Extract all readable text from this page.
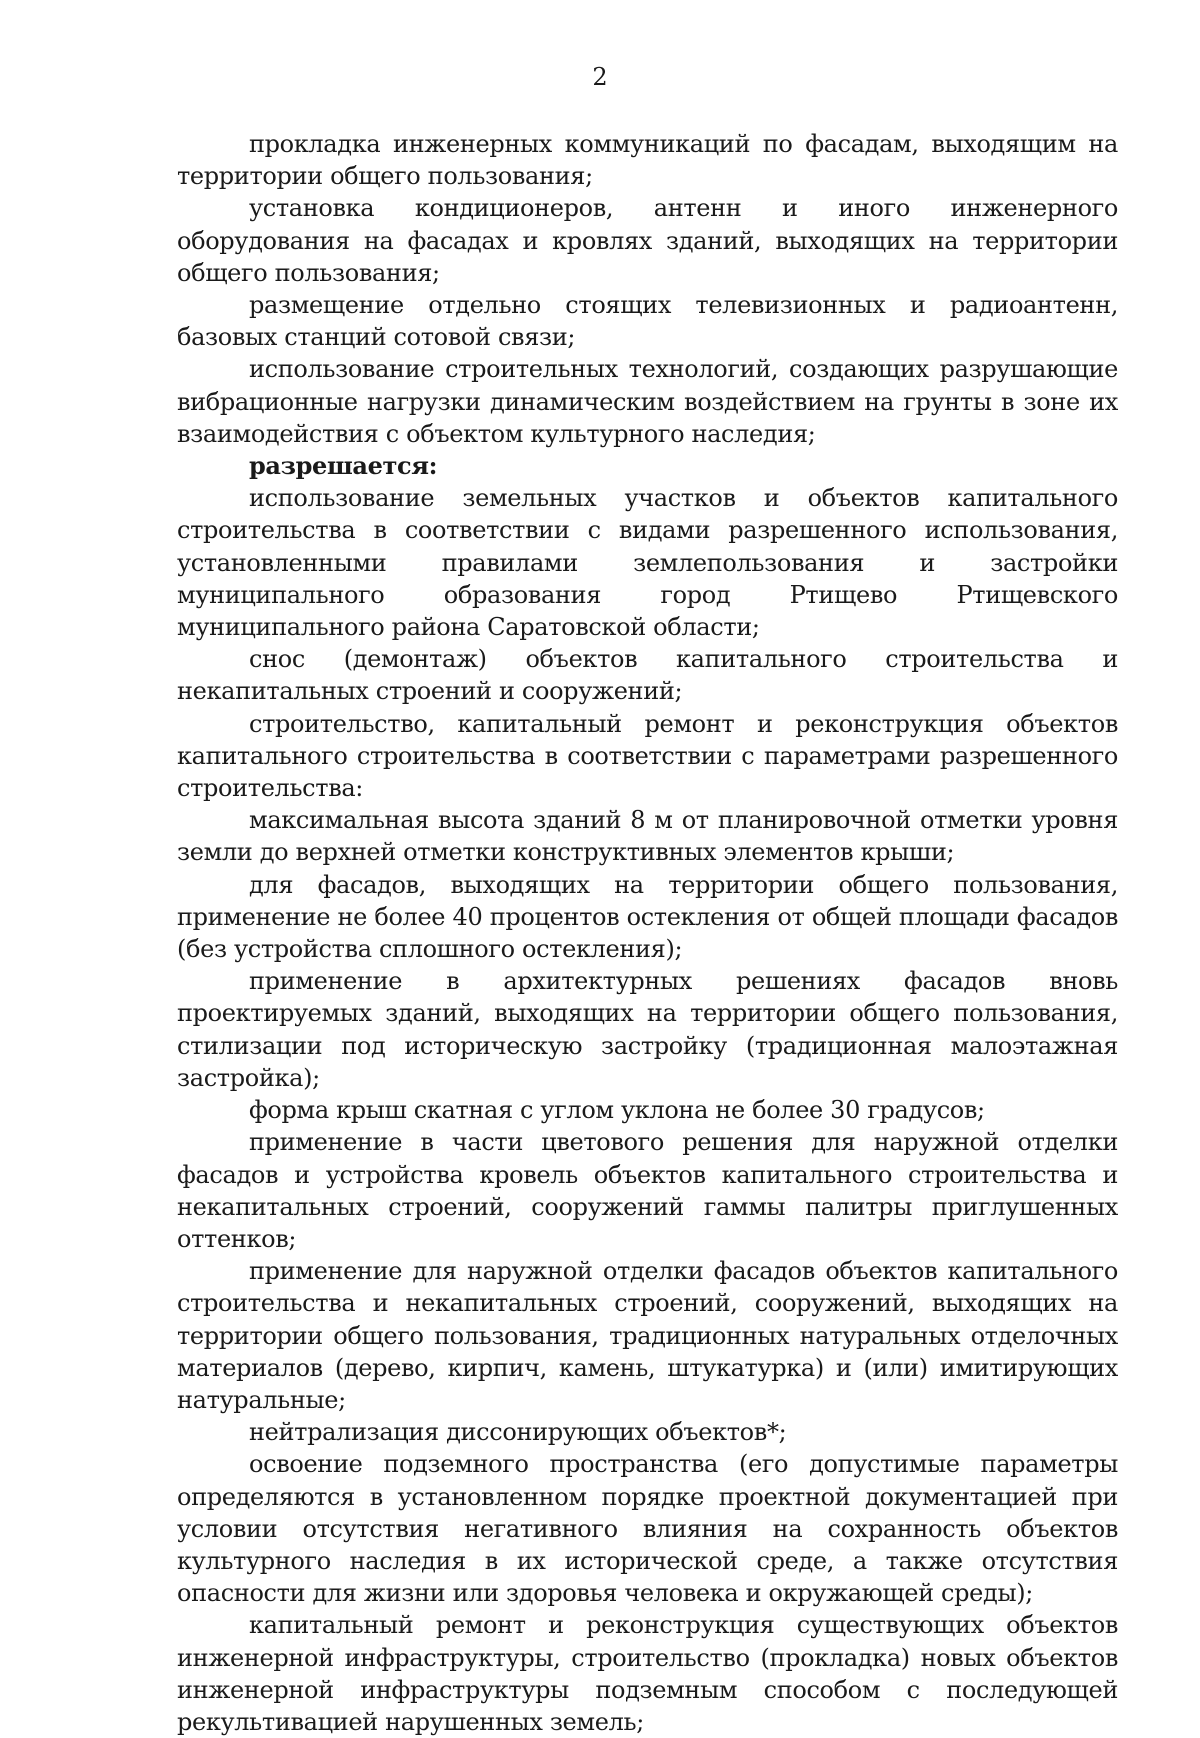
2

прокладка инженерных коммуникаций по фасадам, выходящим на территории общего пользования;

установка кондиционеров, антенн и иного инженерного оборудования на фасадах и кровлях зданий, выходящих на территории общего пользования;

размещение отдельно стоящих телевизионных и радиоантенн, базовых станций сотовой связи;

использование строительных технологий, создающих разрушающие вибрационные нагрузки динамическим воздействием на грунты в зоне их взаимодействия с объектом культурного наследия;

разрешается:

использование земельных участков и объектов капитального строительства в соответствии с видами разрешенного использования, установленными правилами землепользования и застройки муниципального образования город Ртищево Ртищевского муниципального района Саратовской области;

снос (демонтаж) объектов капитального строительства и некапитальных строений и сооружений;

строительство, капитальный ремонт и реконструкция объектов капитального строительства в соответствии с параметрами разрешенного строительства:

максимальная высота зданий 8 м от планировочной отметки уровня земли до верхней отметки конструктивных элементов крыши;

для фасадов, выходящих на территории общего пользования, применение не более 40 процентов остекления от общей площади фасадов (без устройства сплошного остекления);

применение в архитектурных решениях фасадов вновь проектируемых зданий, выходящих на территории общего пользования, стилизации под историческую застройку (традиционная малоэтажная застройка);

форма крыш скатная с углом уклона не более 30 градусов;

применение в части цветового решения для наружной отделки фасадов и устройства кровель объектов капитального строительства и некапитальных строений, сооружений гаммы палитры приглушенных оттенков;

применение для наружной отделки фасадов объектов капитального строительства и некапитальных строений, сооружений, выходящих на территории общего пользования, традиционных натуральных отделочных материалов (дерево, кирпич, камень, штукатурка) и (или) имитирующих натуральные;

нейтрализация диссонирующих объектов*;

освоение подземного пространства (его допустимые параметры определяются в установленном порядке проектной документацией при условии отсутствия негативного влияния на сохранность объектов культурного наследия в их исторической среде, а также отсутствия опасности для жизни или здоровья человека и окружающей среды);

капитальный ремонт и реконструкция существующих объектов инженерной инфраструктуры, строительство (прокладка) новых объектов инженерной инфраструктуры подземным способом с последующей рекультивацией нарушенных земель;
